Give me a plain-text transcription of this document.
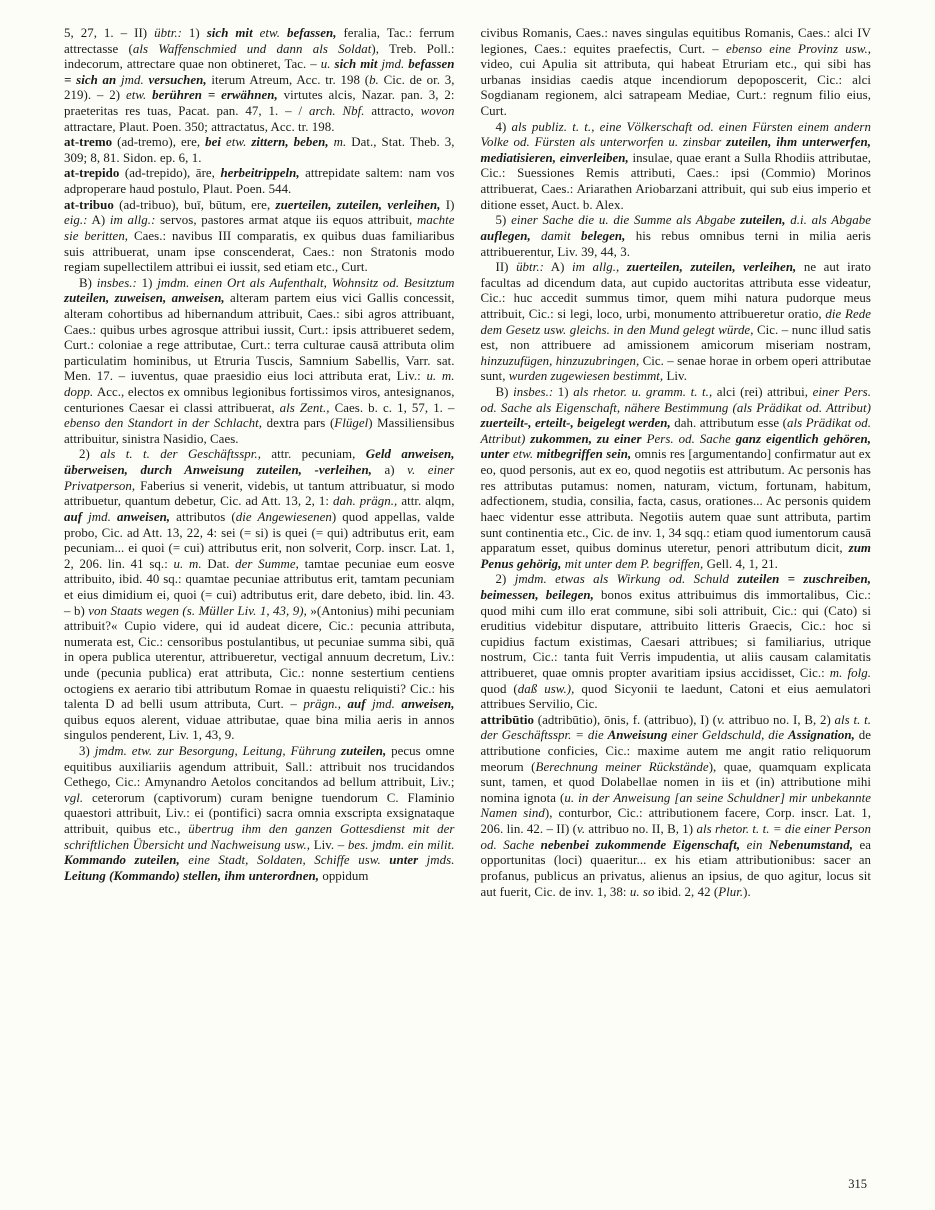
5, 27, 1. – II) übtr.: 1) sich mit etw. befassen, feralia, Tac.: ferrum attrectasse (als Waffenschmied und dann als Soldat), Treb. Poll.: indecorum, attrectare quae non obtineret, Tac. – u. sich mit jmd. befassen = sich an jmd. versuchen, iterum Atreum, Acc. tr. 198 (b. Cic. de or. 3, 219). – 2) etw. berühren = erwähnen, virtutes alcis, Nazar. pan. 3, 2: praeteritas res tuas, Pacat. pan. 47, 1. – / arch. Nbf. attracto, wovon attractare, Plaut. Poen. 350; attractatus, Acc. tr. 198.

at-tremo (ad-tremo), ere, bei etw. zittern, beben, m. Dat., Stat. Theb. 3, 309; 8, 81. Sidon. ep. 6, 1.

at-trepido (ad-trepido), āre, herbeitrippeln, attrepidate saltem: nam vos adproperare haud postulo, Plaut. Poen. 544.

at-tribuo (ad-tribuo), buī, būtum, ere, zuerteilen, zuteilen, verleihen, I) eig.: A) im allg.: servos, pastores armat atque iis equos attribuit, machte sie beritten, Caes.: navibus III comparatis, ex quibus duas familiaribus suis attribuerat, unam ipse conscenderat, Caes.: non Stratonis modo regiam supellectilem attribui ei iussit, sed etiam etc., Curt.

B) insbes.: 1) jmdm. einen Ort als Aufenthalt, Wohnsitz od. Besitztum zuteilen, zuweisen, anweisen, alteram partem eius vici Gallis concessit, alteram cohortibus ad hibernandum attribuit, Caes.: sibi agros attribuant, Caes.: quibus urbes agrosque attribui iussit, Curt.: ipsis attribueret sedem, Curt.: coloniae a rege attributae, Curt.: terra culturae causā attributa olim particulatim hominibus, ut Etruria Tuscis, Samnium Sabellis, Varr. sat. Men. 17. – iuventus, quae praesidio eius loci attributa erat, Liv.: u. m. dopp. Acc., electos ex omnibus legionibus fortissimos viros, antesignanos, centuriones Caesar ei classi attribuerat, als Zent., Caes. b. c. 1, 57, 1. – ebenso den Standort in der Schlacht, dextra pars (Flügel) Massiliensibus attribuitur, sinistra Nasidio, Caes.

2) als t. t. der Geschäftsspr., attr. pecuniam, Geld anweisen, überweisen, durch Anweisung zuteilen, -verleihen, a) v. einer Privatperson, Faberius si venerit, videbis, ut tantum attribuatur, si modo attribuetur, quantum debetur, Cic. ad Att. 13, 2, 1: dah. prägn., attr. alqm, auf jmd. anweisen, attributos (die Angewiesenen) quod appellas, valde probo, Cic. ad Att. 13, 22, 4: sei (= si) is quei (= qui) adtributus erit, eam pecuniam... ei quoi (= cui) attributus erit, non solverit, Corp. inscr. Lat. 1, 2, 206. lin. 41 sq.: u. m. Dat. der Summe, tamtae pecuniae eum eosve attribuito, ibid. 40 sq.: quamtae pecuniae attributus erit, tamtam pecuniam et eius dimidium ei, quoi (= cui) adtributus erit, dare debeto, ibid. lin. 43. – b) von Staats wegen (s. Müller Liv. 1, 43, 9), »(Antonius) mihi pecuniam attribuit?« Cupio videre, qui id audeat dicere, Cic.: pecunia attributa, numerata est, Cic.: censoribus postulantibus, ut pecuniae summa sibi, quā in opera publica uterentur, attribueretur, vectigal annuum decretum, Liv.: unde (pecunia publica) erat attributa, Cic.: nonne sestertium centiens octogiens ex aerario tibi attributum Romae in quaestu reliquisti? Cic.: his talenta D ad belli usum attributa, Curt. – prägn., auf jmd. anweisen, quibus equos alerent, viduae attributae, quae bina milia aeris in annos singulos penderent, Liv. 1, 43, 9.

3) jmdm. etw. zur Besorgung, Leitung, Führung zuteilen, pecus omne equitibus auxiliariis agendum attribuit, Sall.: attribuit nos trucidandos Cethego, Cic.: Amynandro Aetolos concitandos ad bellum attribuit, Liv.; vgl. ceterorum (captivorum) curam benigne tuendorum C. Flaminio quaestori attribuit, Liv.: ei (pontifici) sacra omnia exscripta exsignataque attribuit, quibus etc., übertrug ihm den ganzen Gottesdienst mit der schriftlichen Übersicht und Nachweisung usw., Liv. – bes. jmdm. ein milit. Kommando zuteilen, eine Stadt, Soldaten, Schiffe usw. unter jmds. Leitung (Kommando) stellen, ihm unterordnen, oppidum

civibus Romanis, Caes.: naves singulas equitibus Romanis, Caes.: alci IV legiones, Caes.: equites praefectis, Curt. – ebenso eine Provinz usw., video, cui Apulia sit attributa, qui habeat Etruriam etc., qui sibi has urbanas insidias caedis atque incendiorum depoposcerit, Cic.: alci Sogdianam regionem, alci satrapeam Mediae, Curt.: regnum filio eius, Curt.

4) als publiz. t. t., eine Völkerschaft od. einen Fürsten einem andern Volke od. Fürsten als unterworfen u. zinsbar zuteilen, ihm unterwerfen, mediatisieren, einverleiben, insulae, quae erant a Sulla Rhodiis attributae, Cic.: Suessiones Remis attributi, Caes.: ipsi (Commio) Morinos attribuerat, Caes.: Ariarathen Ariobarzani attribuit, qui sub eius imperio et ditione esset, Auct. b. Alex.

5) einer Sache die u. die Summe als Abgabe zuteilen, d.i. als Abgabe auflegen, damit belegen, his rebus omnibus terni in milia aeris attribuerentur, Liv. 39, 44, 3.

II) übtr.: A) im allg., zuerteilen, zuteilen, verleihen, ne aut irato facultas ad dicendum data, aut cupido auctoritas attributa esse videatur, Cic.: huc accedit summus timor, quem mihi natura pudorque meus attribuit, Cic.: si legi, loco, urbi, monumento attribueretur oratio, die Rede dem Gesetz usw. gleichs. in den Mund gelegt würde, Cic. – nunc illud satis est, non attribuere ad amissionem amicorum miseriam nostram, hinzuzufügen, hinzuzubringen, Cic. – senae horae in orbem operi attributae sunt, wurden zugewiesen bestimmt, Liv.

B) insbes.: 1) als rhetor. u. gramm. t. t., alci (rei) attribui, einer Pers. od. Sache als Eigenschaft, nähere Bestimmung (als Prädikat od. Attribut) zuerteilt-, erteilt-, beigelegt werden, dah. attributum esse (als Prädikat od. Attribut) zukommen, zu einer Pers. od. Sache ganz eigentlich gehören, unter etw. mitbegriffen sein, omnis res [argumentando] confirmatur aut ex eo, quod personis, aut ex eo, quod negotiis est attributum. Ac personis has res attributas putamus: nomen, naturam, victum, fortunam, habitum, adfectionem, studia, consilia, facta, casus, orationes... Ac personis quidem haec videntur esse attributa. Negotiis autem quae sunt attributa, partim sunt continentia etc., Cic. de inv. 1, 34 sqq.: etiam quod iumentorum causā apparatum esset, quibus dominus uteretur, penori attributum dicit, zum Penus gehörig, mit unter dem P. begriffen, Gell. 4, 1, 21.

2) jmdm. etwas als Wirkung od. Schuld zuteilen = zuschreiben, beimessen, beilegen, bonos exitus attribuimus dis immortalibus, Cic.: quod mihi cum illo erat commune, sibi soli attribuit, Cic.: qui (Cato) si eruditius videbitur disputare, attribuito litteris Graecis, Cic.: hoc si cupidius factum existimas, Caesari attribues; si familiarius, utrique nostrum, Cic.: tanta fuit Verris impudentia, ut aliis causam calamitatis attribueret, quae omnis propter avaritiam ipsius accidisset, Cic.: m. folg. quod (daß usw.), quod Sicyonii te laedunt, Catoni et eius aemulatori attribues Servilio, Cic.

attribūtio (adtribūtio), ōnis, f. (attribuo), I) (v. attribuo no. I, B, 2) als t. t. der Geschäftsspr. = die Anweisung einer Geldschuld, die Assignation, de attributione conficies, Cic.: maxime autem me angit ratio reliquorum meorum (Berechnung meiner Rückstände), quae, quamquam explicata sunt, tamen, et quod Dolabellae nomen in iis et (in) attributione mihi nomina ignota (u. in der Anweisung [an seine Schuldner] mir unbekannte Namen sind), conturbor, Cic.: attributionem facere, Corp. inscr. Lat. 1, 206. lin. 42. – II) (v. attribuo no. II, B, 1) als rhetor. t. t. = die einer Person od. Sache nebenbei zukommende Eigenschaft, ein Nebenumstand, ea opportunitas (loci) quaeritur... ex his etiam attributionibus: sacer an profanus, publicus an privatus, alienus an ipsius, de quo agitur, locus sit aut fuerit, Cic. de inv. 1, 38: u. so ibid. 2, 42 (Plur.).

315
